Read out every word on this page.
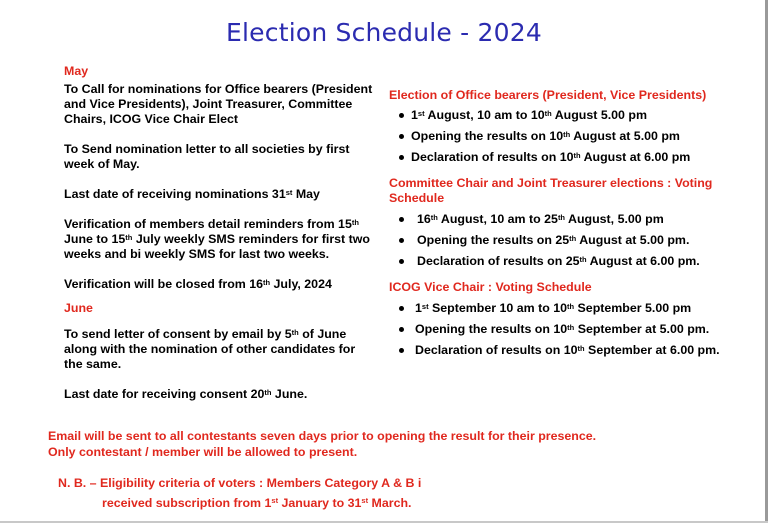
Election Schedule - 2024
May

To Call for nominations for Office bearers (President and Vice Presidents), Joint Treasurer, Committee Chairs, ICOG Vice Chair Elect

To Send nomination letter to all societies by first week of May.

Last date of receiving nominations 31st May

Verification of members detail reminders from 15th June to 15th July weekly SMS reminders for first two weeks and bi weekly SMS for last two weeks.

Verification will be closed from 16th July, 2024

June

To send letter of consent by email by 5th of June along with the nomination of other candidates for the same.

Last date for receiving consent 20th June.

Election of Office bearers (President, Vice Presidents)

1st August, 10 am to 10th August 5.00 pm
Opening the results on 10th August at 5.00 pm
Declaration of results on 10th August at 6.00 pm

Committee Chair and Joint Treasurer elections : Voting Schedule

16th August, 10 am to 25th August, 5.00 pm
Opening the results on 25th August at 5.00 pm.
Declaration of results on 25th August at 6.00 pm.

ICOG Vice Chair : Voting Schedule

1st September 10 am to 10th September 5.00 pm
Opening the results on 10th September at 5.00 pm.
Declaration of results on 10th September at 6.00 pm.
Email will be sent to all contestants seven days prior to opening the result for their presence.
Only contestant / member will be allowed to present.
N. B. – Eligibility criteria of voters : Members Category A & B i
received subscription from 1st January to 31st March.
